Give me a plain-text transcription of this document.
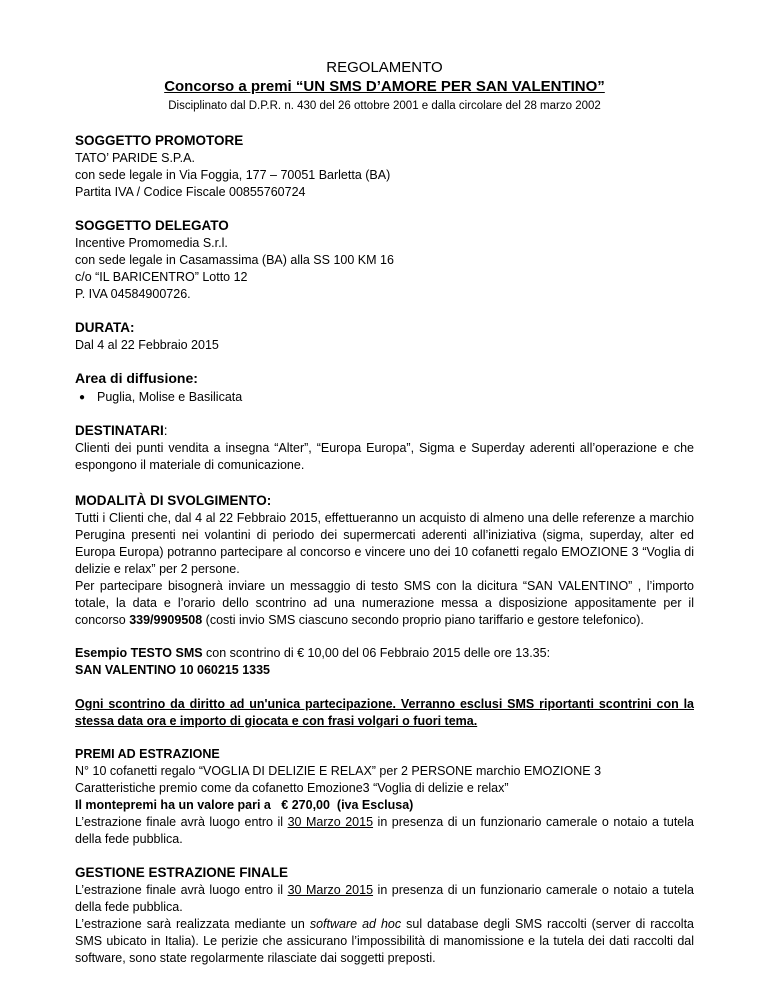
REGOLAMENTO
Concorso a premi “UN SMS D’AMORE PER SAN VALENTINO”
Disciplinato dal D.P.R. n. 430 del 26 ottobre 2001 e dalla circolare del 28 marzo 2002
SOGGETTO PROMOTORE

TATO’ PARIDE S.P.A.

con sede legale in Via Foggia, 177 – 70051 Barletta (BA)

Partita IVA / Codice Fiscale 00855760724

SOGGETTO DELEGATO

Incentive Promomedia S.r.l.

con sede legale in Casamassima (BA) alla SS 100 KM 16

c/o “IL BARICENTRO” Lotto 12

P. IVA 04584900726.

DURATA:

Dal 4 al 22 Febbraio 2015

Area di diffusione:
● Puglia, Molise e Basilicata
DESTINATARI:

Clienti dei punti vendita a insegna “Alter”, “Europa Europa”, Sigma e Superday aderenti all’operazione e che espongono il materiale di comunicazione.

MODALITÀ DI SVOLGIMENTO:

Tutti i Clienti che, dal 4 al 22 Febbraio 2015, effettueranno un acquisto di almeno una delle referenze a marchio Perugina presenti nei volantini di periodo dei supermercati aderenti all’iniziativa (sigma, superday, alter ed Europa Europa) potranno partecipare al concorso e vincere uno dei 10 cofanetti regalo EMOZIONE 3 “Voglia di delizie e relax” per 2 persone.

Per partecipare bisognerà inviare un messaggio di testo SMS con la dicitura “SAN VALENTINO” , l’importo totale, la data e l’orario dello scontrino ad una numerazione messa a disposizione appositamente per il concorso 339/9909508 (costi invio SMS ciascuno secondo proprio piano tariffario e gestore telefonico).

Esempio TESTO SMS con scontrino di € 10,00 del 06 Febbraio 2015 delle ore 13.35:

SAN VALENTINO 10 060215 1335

Ogni scontrino da diritto ad un'unica partecipazione. Verranno esclusi SMS riportanti scontrini con la stessa data ora e importo di giocata e con frasi volgari o fuori tema.

PREMI AD ESTRAZIONE

N° 10 cofanetti regalo “VOGLIA DI DELIZIE E RELAX” per 2 PERSONE marchio EMOZIONE 3

Caratteristiche premio come da cofanetto Emozione3 “Voglia di delizie e relax”

Il montepremi ha un valore pari a   € 270,00  (iva Esclusa)

L’estrazione finale avrà luogo entro il 30 Marzo 2015 in presenza di un funzionario camerale o notaio a tutela della fede pubblica.

GESTIONE ESTRAZIONE FINALE

L’estrazione finale avrà luogo entro il 30 Marzo 2015 in presenza di un funzionario camerale o notaio a tutela della fede pubblica.

L’estrazione sarà realizzata mediante un software ad hoc sul database degli SMS raccolti (server di raccolta SMS ubicato in Italia). Le perizie che assicurano l’impossibilità di manomissione e la tutela dei dati raccolti dal software, sono state regolarmente rilasciate dai soggetti preposti.
